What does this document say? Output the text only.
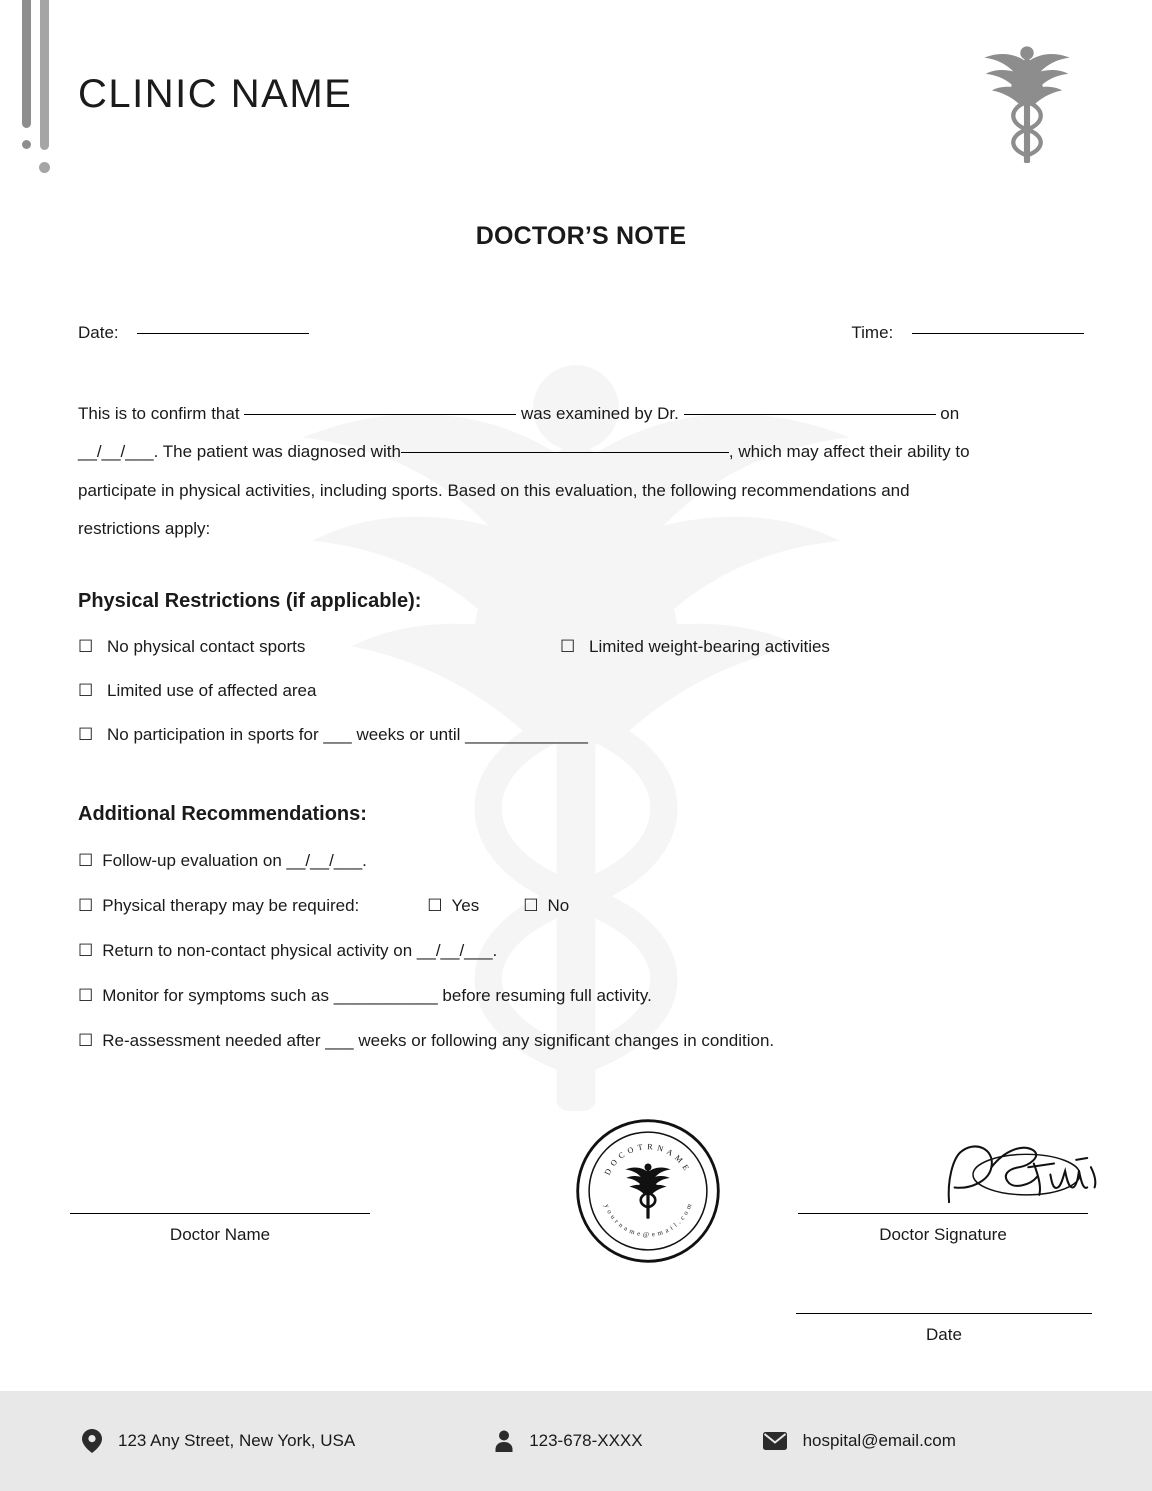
CLINIC NAME
DOCTOR’S NOTE
Date:	Time:
This is to confirm that	was examined by Dr.	on
__/__/___. The patient was diagnosed with	, which may affect their ability to
participate in physical activities, including sports. Based on this evaluation, the following recommendations and
restrictions apply:
Physical Restrictions (if applicable):
☐ No physical contact sports	☐ Limited weight-bearing activities
☐ Limited use of affected area
☐ No participation in sports for ___ weeks or until _____________
Additional Recommendations:
☐ Follow-up evaluation on __/__/___.
☐ Physical therapy may be required:	☐ Yes	☐ No
☐ Return to non-contact physical activity on __/__/___.
☐ Monitor for symptoms such as ___________ before resuming full activity.
☐ Re-assessment needed after ___ weeks or following any significant changes in condition.
Doctor Name
D O C O T R N A M E
y o u r n a m e @ e m a i l . c o m
Doctor Signature
Date
123 Any Street, New York, USA	123-678-XXXX	hospital@email.com
